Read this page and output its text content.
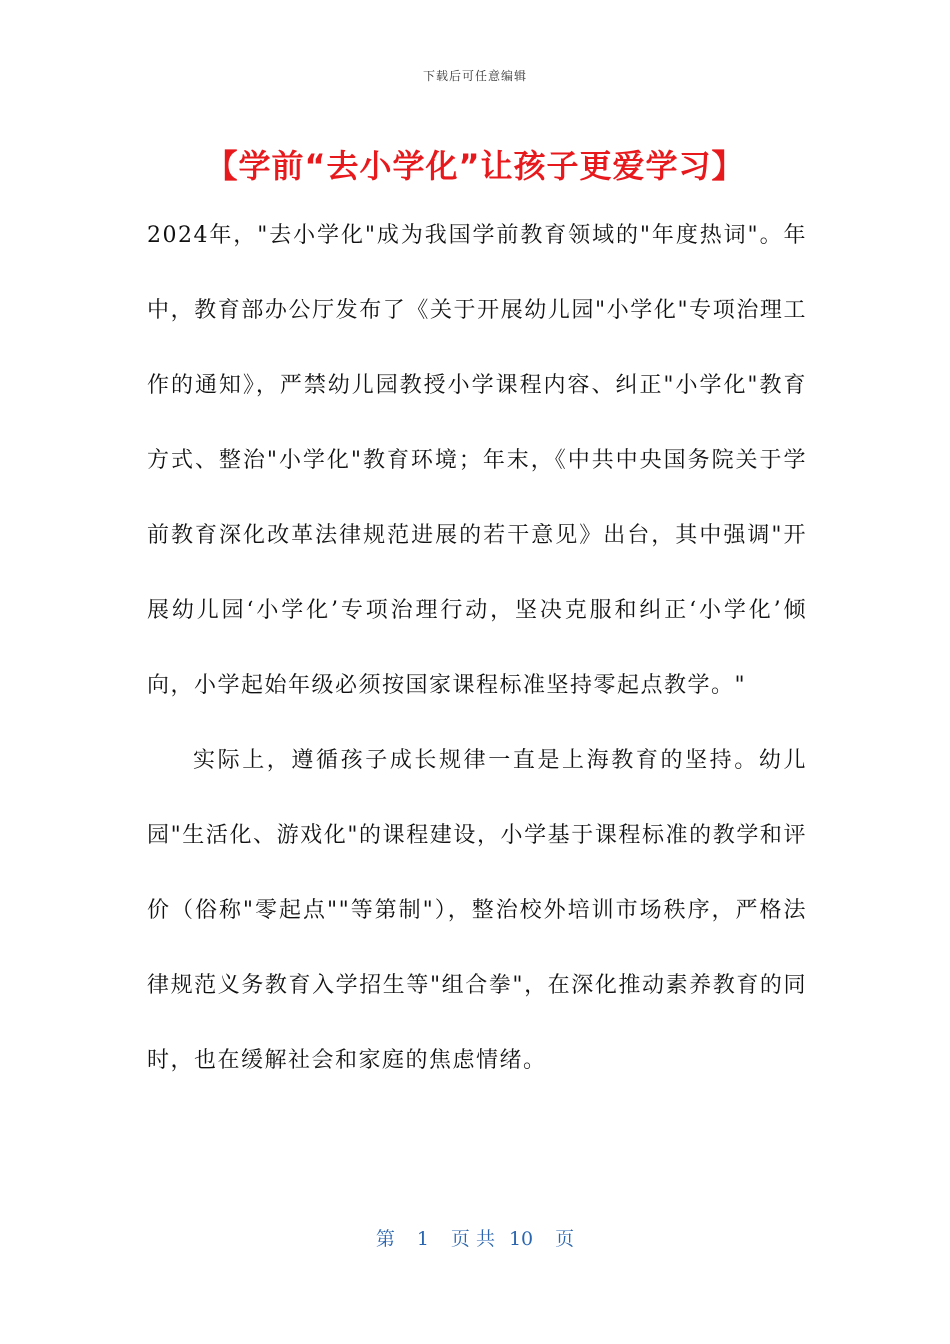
下载后可任意编辑
【学前“去小学化”让孩子更爱学习】

2024年，"去小学化"成为我国学前教育领域的"年度热词"。年中，教育部办公厅发布了《关于开展幼儿园"小学化"专项治理工作的通知》，严禁幼儿园教授小学课程内容、纠正"小学化"教育方式、整治"小学化"教育环境；年末，《中共中央国务院关于学前教育深化改革法律规范进展的若干意见》出台，其中强调"开展幼儿园‘小学化’专项治理行动，坚决克服和纠正‘小学化’倾向，小学起始年级必须按国家课程标准坚持零起点教学。"

实际上，遵循孩子成长规律一直是上海教育的坚持。幼儿园"生活化、游戏化"的课程建设，小学基于课程标准的教学和评价（俗称"零起点""等第制"），整治校外培训市场秩序，严格法律规范义务教育入学招生等"组合拳"，在深化推动素养教育的同时，也在缓解社会和家庭的焦虑情绪。

第 1 页 共 10 页
